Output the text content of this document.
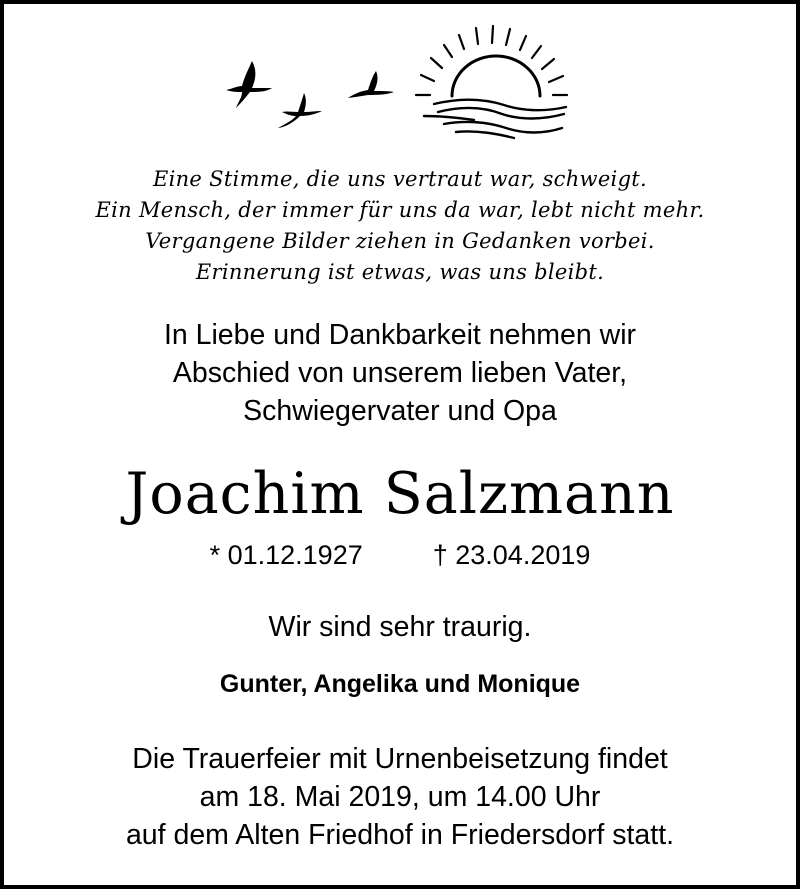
Eine Stimme, die uns vertraut war, schweigt.
Ein Mensch, der immer für uns da war, lebt nicht mehr.
Vergangene Bilder ziehen in Gedanken vorbei.
Erinnerung ist etwas, was uns bleibt.
In Liebe und Dankbarkeit nehmen wir
Abschied von unserem lieben Vater,
Schwiegervater und Opa
Joachim Salzmann
* 01.12.1927	† 23.04.2019
Wir sind sehr traurig.
Gunter, Angelika und Monique
Die Trauerfeier mit Urnenbeisetzung findet
am 18. Mai 2019, um 14.00 Uhr
auf dem Alten Friedhof in Friedersdorf statt.
